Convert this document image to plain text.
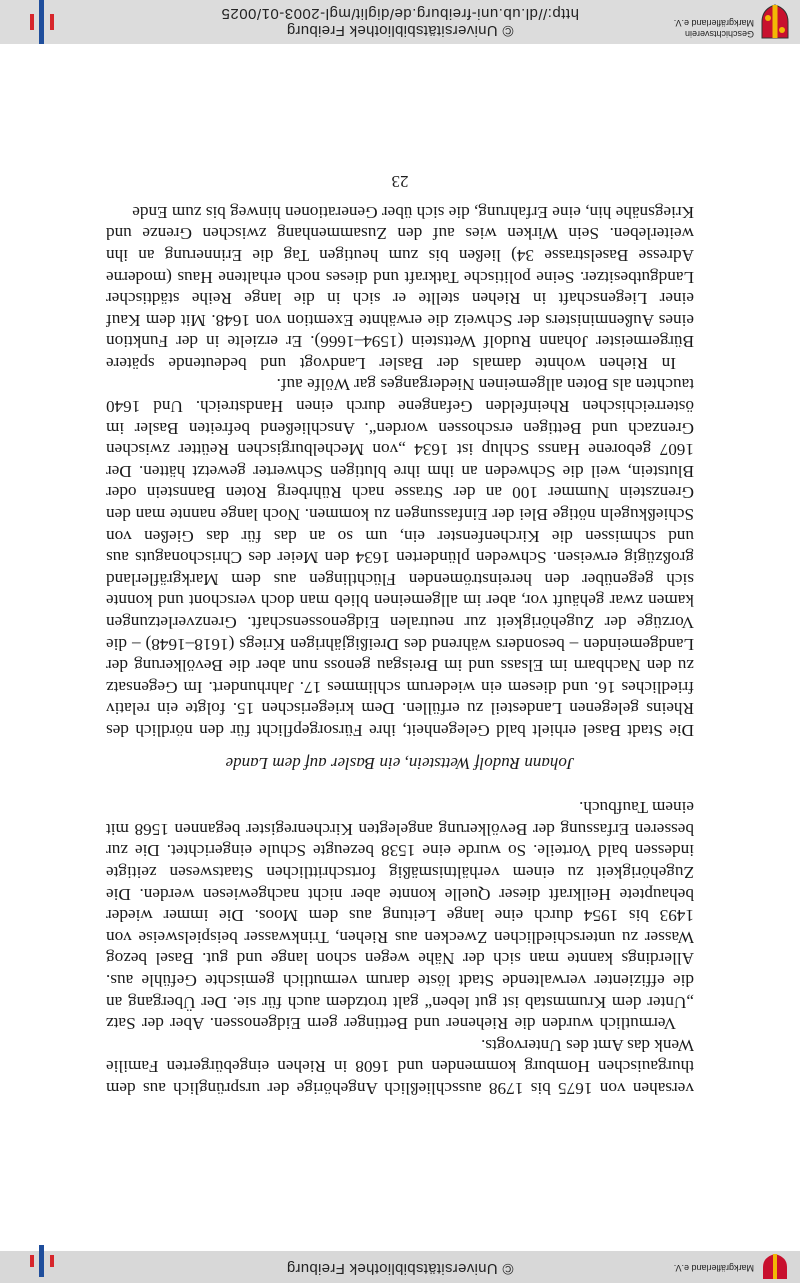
Markgräflerland e.V.
© Universitätsbibliothek Freiburg

versahen von 1675 bis 1798 ausschließlich Angehörige der ursprünglich aus dem thurgauischen Homburg kommenden und 1608 in Riehen eingebürgerten Familie Wenk das Amt des Untervogts.

Vermutlich wurden die Riehener und Bettinger gern Eidgenossen. Aber der Satz „Unter dem Krummstab ist gut leben“ galt trotzdem auch für sie. Der Übergang an die effizienter verwaltende Stadt löste darum vermutlich gemischte Gefühle aus. Allerdings kannte man sich der Nähe wegen schon lange und gut. Basel bezog Wasser zu unterschiedlichen Zwecken aus Riehen, Trinkwasser beispielsweise von 1493 bis 1954 durch eine lange Leitung aus dem Moos. Die immer wieder behauptete Heilkraft dieser Quelle konnte aber nicht nachgewiesen werden. Die Zugehörigkeit zu einem verhältnismäßig fortschrittlichen Staatswesen zeitigte indessen bald Vorteile. So wurde eine 1538 bezeugte Schule eingerichtet. Die zur besseren Erfassung der Bevölkerung angelegten Kirchenregister begannen 1568 mit einem Taufbuch.

Johann Rudolf Wettstein, ein Basler auf dem Lande

Die Stadt Basel erhielt bald Gelegenheit, ihre Fürsorgepflicht für den nördlich des Rheins gelegenen Landesteil zu erfüllen. Dem kriegerischen 15. folgte ein relativ friedliches 16. und diesem ein wiederum schlimmes 17. Jahrhundert. Im Gegensatz zu den Nachbarn im Elsass und im Breisgau genoss nun aber die Bevölkerung der Landgemeinden – besonders während des Dreißigjährigen Kriegs (1618–1648) – die Vorzüge der Zugehörigkeit zur neutralen Eidgenossenschaft. Grenzverletzungen kamen zwar gehäuft vor, aber im allgemeinen blieb man doch verschont und konnte sich gegenüber den hereinströmenden Flüchtlingen aus dem Markgräflerland großzügig erweisen. Schweden plünderten 1634 den Meier des Chrischonaguts aus und schmissen die Kirchenfenster ein, um so an das für das Gießen von Schießkugeln nötige Blei der Einfassungen zu kommen. Noch lange nannte man den Grenzstein Nummer 100 an der Strasse nach Rührberg Roten Bannstein oder Blutstein, weil die Schweden an ihm ihre blutigen Schwerter gewetzt hätten. Der 1607 geborene Hanss Schlup ist 1634 „von Mechelburgischen Reütter zwischen Grenzach und Bettigen erschossen worden“. Anschließend befreiten Basler im österreichischen Rheinfelden Gefangene durch einen Handstreich. Und 1640 tauchten als Boten allgemeinen Niederganges gar Wölfe auf.

In Riehen wohnte damals der Basler Landvogt und bedeutende spätere Bürgermeister Johann Rudolf Wettstein (1594–1666). Er erzielte in der Funktion eines Außenministers der Schweiz die erwähnte Exemtion von 1648. Mit dem Kauf einer Liegenschaft in Riehen stellte er sich in die lange Reihe städtischer Landgutbesitzer. Seine politische Tatkraft und dieses noch erhaltene Haus (moderne Adresse Baselstrasse 34) ließen bis zum heutigen Tag die Erinnerung an ihn weiterleben. Sein Wirken wies auf den Zusammenhang zwischen Grenze und Kriegsnähe hin, eine Erfahrung, die sich über Generationen hinweg bis zum Ende

23
Geschichtsverein
Markgräflerland e.V.
© Universitätsbibliothek Freiburg
http://dl.ub.uni-freiburg.de/diglit/mgl-2003-01/0025
